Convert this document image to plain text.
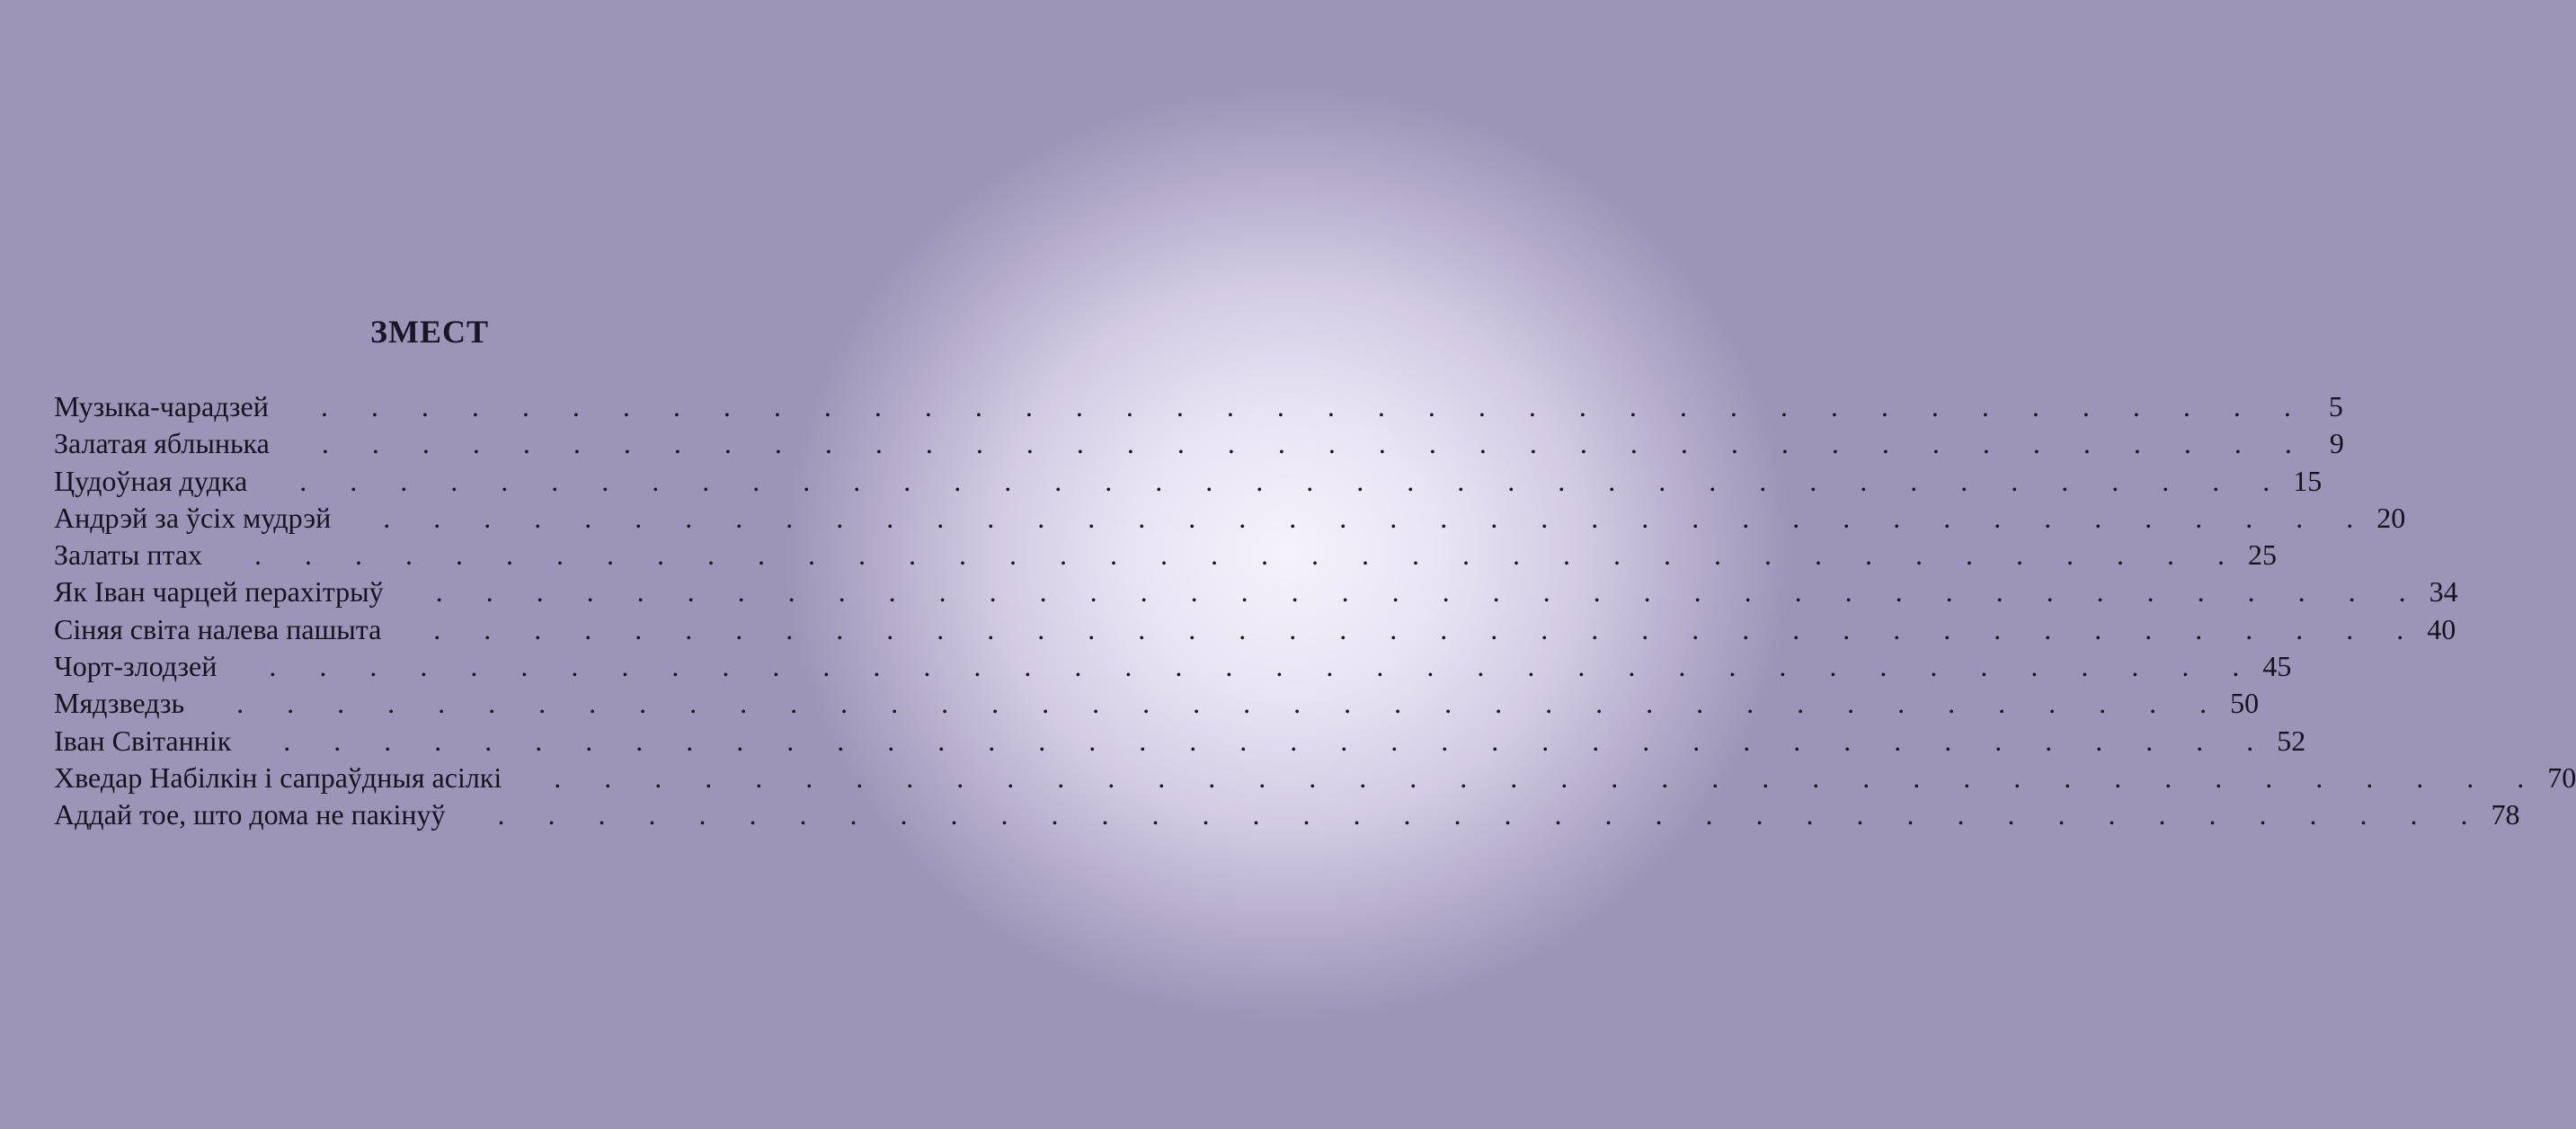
ЗМЕСТ
Музыка-чарадзей .  .  .  .  .  .  .  .  .  .  .  .  .  .  .  .  .  .  .  .  .  .  .  .  .  .  .  .  .  .  .  .  .  .  .  .  .  .  .  .  	5
Залатая яблынька .  .  .  .  .  .  .  .  .  .  .  .  .  .  .  .  .  .  .  .  .  .  .  .  .  .  .  .  .  .  .  .  .  .  .  .  .  .  .  .  	9
Цудоўная дудка .  .  .  .  .  .  .  .  .  .  .  .  .  .  .  .  .  .  .  .  .  .  .  .  .  .  .  .  .  .  .  .  .  .  .  .  .  .  .  .   15
Андрэй за ўсіх мудрэй .  .  .  .  .  .  .  .  .  .  .  .  .  .  .  .  .  .  .  .  .  .  .  .  .  .  .  .  .  .  .  .  .  .  .  .  .  .  .  .   20
Залаты птах .  .  .  .  .  .  .  .  .  .  .  .  .  .  .  .  .  .  .  .  .  .  .  .  .  .  .  .  .  .  .  .  .  .  .  .  .  .  .  .   25
Як Іван чарцей перахітрыў .  .  .  .  .  .  .  .  .  .  .  .  .  .  .  .  .  .  .  .  .  .  .  .  .  .  .  .  .  .  .  .  .  .  .  .  .  .  .  .   34
Сіняя світа налева пашыта .  .  .  .  .  .  .  .  .  .  .  .  .  .  .  .  .  .  .  .  .  .  .  .  .  .  .  .  .  .  .  .  .  .  .  .  .  .  .  .   40
Чорт-злодзей .  .  .  .  .  .  .  .  .  .  .  .  .  .  .  .  .  .  .  .  .  .  .  .  .  .  .  .  .  .  .  .  .  .  .  .  .  .  .  .   45
Мядзведзь .  .  .  .  .  .  .  .  .  .  .  .  .  .  .  .  .  .  .  .  .  .  .  .  .  .  .  .  .  .  .  .  .  .  .  .  .  .  .  .   50
Іван Світаннік .  .  .  .  .  .  .  .  .  .  .  .  .  .  .  .  .  .  .  .  .  .  .  .  .  .  .  .  .  .  .  .  .  .  .  .  .  .  .  .   52
Хведар Набілкін і сапраўдныя асілкі .  .  .  .  .  .  .  .  .  .  .  .  .  .  .  .  .  .  .  .  .  .  .  .  .  .  .  .  .  .  .  .  .  .  .  .  .  .  .  .   70
Аддай тое, што дома не пакінуў .  .  .  .  .  .  .  .  .  .  .  .  .  .  .  .  .  .  .  .  .  .  .  .  .  .  .  .  .  .  .  .  .  .  .  .  .  .  .  .   78
